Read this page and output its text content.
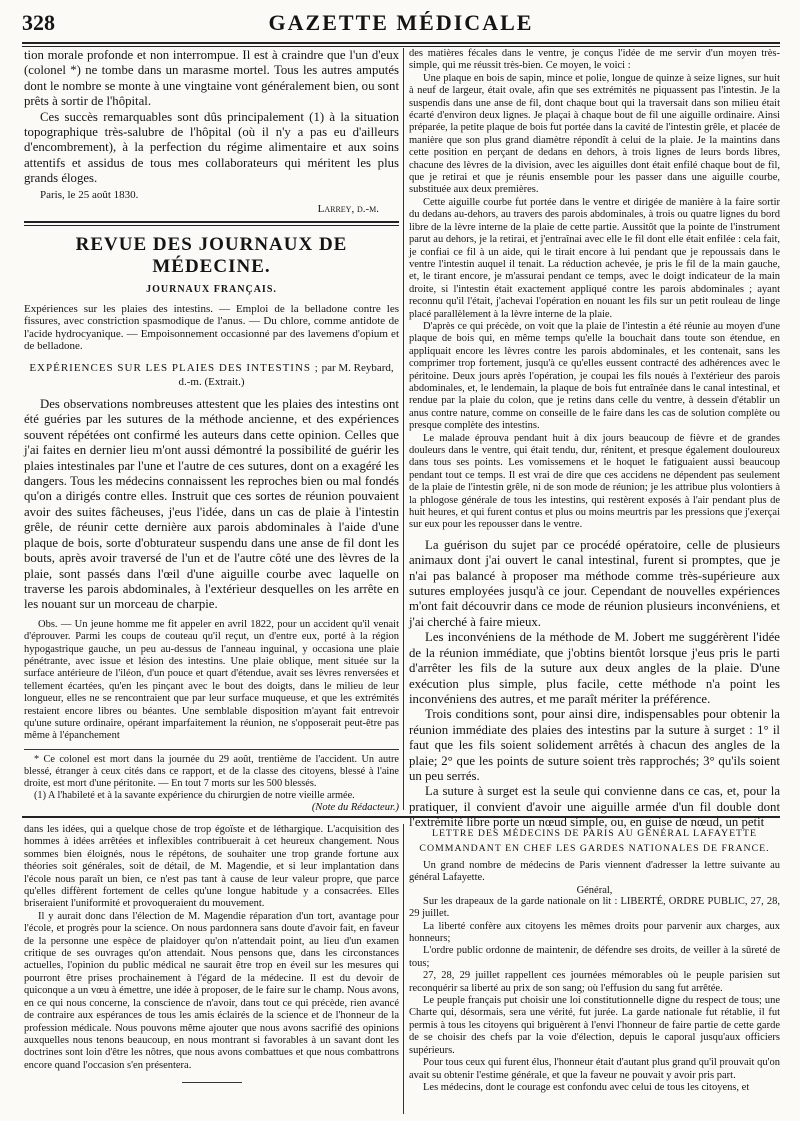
328	GAZETTE MÉDICALE

tion morale profonde et non interrompue. Il est à craindre que l'un d'eux (colonel *) ne tombe dans un marasme mortel. Tous les autres amputés dont le nombre se monte à une vingtaine vont généralement bien, ou sont prêts à sortir de l'hôpital.

Ces succès remarquables sont dûs principalement (1) à la situation topographique très-salubre de l'hôpital (où il n'y a pas eu d'ailleurs d'encombrement), à la perfection du régime alimentaire et aux soins attentifs et assidus de tous mes collaborateurs qui méritent les plus grands éloges.

Paris, le 25 août 1830.

Larrey, d.-m.

REVUE DES JOURNAUX DE MÉDECINE.
JOURNAUX FRANÇAIS.

Expériences sur les plaies des intestins. — Emploi de la belladone contre les fissures, avec constriction spasmodique de l'anus. — Du chlore, comme antidote de l'acide hydrocyanique. — Empoisonnement occasionné par des lavemens d'opium et de belladone.

EXPÉRIENCES SUR LES PLAIES DES INTESTINS ; par M. Reybard, d.-m. (Extrait.)

Des observations nombreuses attestent que les plaies des intestins ont été guéries par les sutures de la méthode ancienne, et des expériences souvent répétées ont confirmé les auteurs dans cette opinion. Celles que j'ai faites en dernier lieu m'ont aussi démontré la possibilité de guérir les plaies intestinales par l'une et l'autre de ces sutures, dont on a exagéré les dangers. Tous les médecins connaissent les reproches bien ou mal fondés qu'on a dirigés contre elles. Instruit que ces sortes de réunion pouvaient avoir des suites fâcheuses, j'eus l'idée, dans un cas de plaie à l'intestin grêle, de réunir cette dernière aux parois abdominales à l'aide d'une plaque de bois, sorte d'obturateur suspendu dans une anse de fil dont les bouts, après avoir traversé de l'un et de l'autre côté une des lèvres de la plaie, sont passés dans l'œil d'une aiguille courbe avec laquelle on traverse les parois abdominales, à l'extérieur desquelles on les arrête en les nouant sur un morceau de charpie.

Obs. — Un jeune homme me fit appeler en avril 1822, pour un accident qu'il venait d'éprouver. Parmi les coups de couteau qu'il reçut, un d'entre eux, porté à la région hypogastrique gauche, un peu au-dessus de l'anneau inguinal, y occasiona une plaie pénétrante, avec issue et lésion des intestins. Une plaie oblique, ment située sur la surface antérieure de l'iléon, d'un pouce et quart d'étendue, avait ses lèvres renversées et tellement écartées, qu'en les pinçant avec le bout des doigts, dans le milieu de leur longueur, elles ne se rencontraient que par leur surface muqueuse, et que les extrémités restaient encore libres ou béantes. Une semblable disposition m'ayant fait entrevoir qu'une suture ordinaire, opérant imparfaitement la réunion, ne s'opposerait peut-être pas même à l'épanchement

* Ce colonel est mort dans la journée du 29 août, trentième de l'accident. Un autre blessé, étranger à ceux cités dans ce rapport, et de la classe des citoyens, blessé à l'aine droite, est mort d'une péritonite. — En tout 7 morts sur les 500 blessés.

(1) A l'habileté et à la savante expérience du chirurgien de notre vieille armée.

(Note du Rédacteur.)

des matières fécales dans le ventre, je conçus l'idée de me servir d'un moyen très-simple, qui me réussit très-bien. Ce moyen, le voici :

Une plaque en bois de sapin, mince et polie, longue de quinze à seize lignes, sur huit à neuf de largeur, était ovale, afin que ses extrémités ne piquassent pas l'intestin. Je la suspendis dans une anse de fil, dont chaque bout qui la traversait dans son milieu était écarté d'environ deux lignes. Je plaçai à chaque bout de fil une aiguille ordinaire. Ainsi préparée, la petite plaque de bois fut portée dans la cavité de l'intestin grêle, et placée de manière que son plus grand diamètre répondît à celui de la plaie. Je la maintins dans cette position en perçant de dedans en dehors, à trois lignes de leurs bords libres, chacune des lèvres de la division, avec les aiguilles dont était enfilé chaque bout de fil, que je retirai et que je réunis ensemble pour les passer dans une aiguille courbe, substituée aux deux premières.

Cette aiguille courbe fut portée dans le ventre et dirigée de manière à la faire sortir du dedans au-dehors, au travers des parois abdominales, à trois ou quatre lignes du bord libre de la lèvre interne de la plaie de cette partie. Aussitôt que la pointe de l'instrument parut au dehors, je la retirai, et j'entraînai avec elle le fil dont elle était enfilée : cela fait, je confiai ce fil à un aide, qui le tirait encore à lui pendant que je repoussais dans le ventre l'intestin auquel il tenait. La réduction achevée, je pris le fil de la main gauche, et, le tirant encore, je m'assurai pendant ce temps, avec le doigt indicateur de la main droite, si l'intestin était exactement appliqué contre les parois abdominales ; ayant reconnu qu'il l'était, j'achevai l'opération en nouant les fils sur un petit rouleau de linge placé parallèlement à la lèvre interne de la plaie.

D'après ce qui précède, on voit que la plaie de l'intestin a été réunie au moyen d'une plaque de bois qui, en même temps qu'elle la bouchait dans toute son étendue, en appliquait encore les lèvres contre les parois abdominales, et les contenait, sans les comprimer trop fortement, jusqu'à ce qu'elles eussent contracté des adhérences avec le péritoine. Deux jours après l'opération, je coupai les fils noués à l'extérieur des parois abdominales, et, le lendemain, la plaque de bois fut entraînée dans le canal intestinal, et rendue par la plaie du colon, que je retins dans celle du ventre, à dessein d'établir un anus contre nature, comme on conseille de le faire dans les cas de solution complète ou presque complète des intestins.

Le malade éprouva pendant huit à dix jours beaucoup de fièvre et de grandes douleurs dans le ventre, qui était tendu, dur, rénitent, et presque également douloureux dans tous ses points. Les vomissemens et le hoquet le fatiguaient aussi beaucoup pendant tout ce temps. Il est vrai de dire que ces accidens ne dépendent pas seulement de la plaie de l'intestin grêle, ni de son mode de réunion; je les attribue plus volontiers à la phlogose générale de tous les intestins, qui restèrent exposés à l'air pendant plus de huit heures, et qui furent contus et plus ou moins meurtris par les pressions que j'exerçai sur eux pour les repousser dans le ventre.

La guérison du sujet par ce procédé opératoire, celle de plusieurs animaux dont j'ai ouvert le canal intestinal, furent si promptes, que je n'ai pas balancé à proposer ma méthode comme très-supérieure aux sutures employées jusqu'à ce jour. Cependant de nouvelles expériences m'ont fait découvrir dans ce mode de réunion plusieurs inconvéniens, et j'ai cherché à faire mieux.

Les inconvéniens de la méthode de M. Jobert me suggérèrent l'idée de la réunion immédiate, que j'obtins bientôt lorsque j'eus pris le parti d'arrêter les fils de la suture aux deux angles de la plaie. D'une exécution plus simple, plus facile, cette méthode n'a point les inconvéniens des autres, et me paraît mériter la préférence.

Trois conditions sont, pour ainsi dire, indispensables pour obtenir la réunion immédiate des plaies des intestins par la suture à surget : 1° il faut que les fils soient solidement arrêtés à chacun des angles de la plaie; 2° que les points de suture soient très rapprochés; 3° qu'ils soient un peu serrés.

La suture à surget est la seule qui convienne dans ce cas, et, pour la pratiquer, il convient d'avoir une aiguille armée d'un fil double dont l'extrémité libre porte un nœud simple, ou, en guise de nœud, un petit

dans les idées, qui a quelque chose de trop égoïste et de léthargique. L'acquisition des hommes à idées arrêtées et inflexibles contribuerait à cet heureux changement. Nous sommes bien éloignés, nous le répétons, de souhaiter une trop grande fortune aux théories soit générales, soit de détail, de M. Magendie, et si leur implantation dans l'école nous paraît un bien, ce n'est pas tant à cause de leur valeur propre, que parce qu'elles diffèrent fortement de celles qu'une longue habitude y a consacrées. Elles briseraient l'uniformité et provoqueraient du mouvement.

Il y aurait donc dans l'élection de M. Magendie réparation d'un tort, avantage pour l'école, et progrès pour la science. On nous pardonnera sans doute d'avoir fait, en faveur de la personne une espèce de plaidoyer qu'on n'attendait point, au lieu d'un examen critique de ses ouvrages qu'on attendait. Nous pensons que, dans les circonstances actuelles, l'opinion du public médical ne saurait être trop en éveil sur les mesures qui pourront être prises prochainement à l'égard de la médecine. Il est du devoir de quiconque a un vœu à émettre, une idée à proposer, de le faire sur le champ. Nous avons, en ce qui nous concerne, la conscience de n'avoir, dans tout ce qui précède, rien avancé de contraire aux espérances de tous les amis éclairés de la science et de l'honneur de la profession médicale. Nous pouvons même ajouter que nous avons sacrifié des opinions auxquelles nous tenons beaucoup, en nous montrant si favorables à un savant dont les doctrines sont loin d'être les nôtres, que nous avons combattues et que nous combattrons encore quand l'occasion s'en présentera.

LETTRE DES MÉDECINS DE PARIS AU GÉNÉRAL LAFAYETTE COMMANDANT EN CHEF LES GARDES NATIONALES DE FRANCE.

Un grand nombre de médecins de Paris viennent d'adresser la lettre suivante au général Lafayette.

Général,

Sur les drapeaux de la garde nationale on lit : LIBERTÉ, ORDRE PUBLIC, 27, 28, 29 juillet.

La liberté confère aux citoyens les mêmes droits pour parvenir aux charges, aux honneurs;

L'ordre public ordonne de maintenir, de défendre ses droits, de veiller à la sûreté de tous;

27, 28, 29 juillet rappellent ces journées mémorables où le peuple parisien sut reconquérir sa liberté au prix de son sang; où l'effusion du sang fut arrêtée.

Le peuple français put choisir une loi constitutionnelle digne du respect de tous; une Charte qui, désormais, sera une vérité, fut jurée. La garde nationale fut rétablie, il fut permis à tous les citoyens qui briguèrent à l'envi l'honneur de faire partie de cette garde de se choisir des chefs par la voie d'élection, depuis le caporal jusqu'aux officiers supérieurs.

Pour tous ceux qui furent élus, l'honneur était d'autant plus grand qu'il prouvait qu'on avait su obtenir l'estime générale, et que la faveur ne pouvait y avoir pris part.

Les médecins, dont le courage est confondu avec celui de tous les citoyens, et
